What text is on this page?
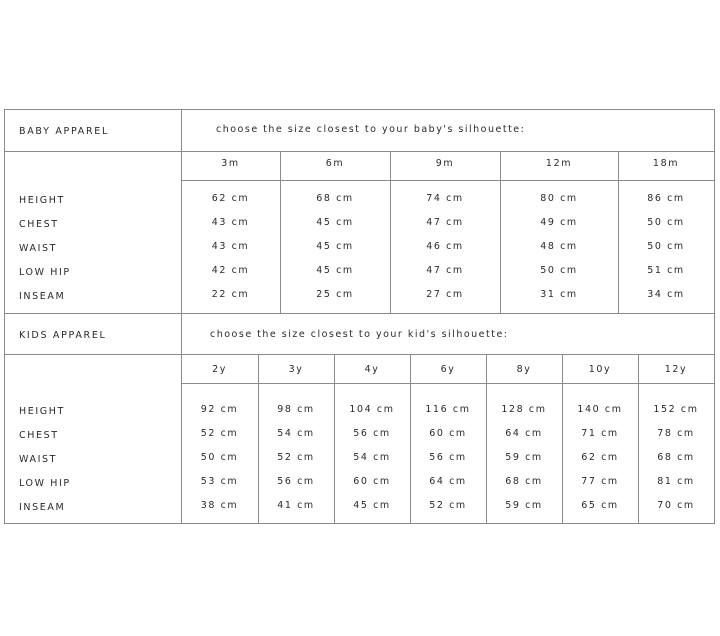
BABY APPAREL	choose the size closest to your baby's silhouette:
KIDS APPAREL	choose the size closest to your kid's silhouette:
HEIGHT
CHEST
WAIST
LOW HIP
INSEAM
HEIGHT
CHEST
WAIST
LOW HIP
INSEAM
3m
62 cm
43 cm
43 cm
42 cm
22 cm
6m
68 cm
45 cm
45 cm
45 cm
25 cm
9m
74 cm
47 cm
46 cm
47 cm
27 cm
12m
80 cm
49 cm
48 cm
50 cm
31 cm
18m
86 cm
50 cm
50 cm
51 cm
34 cm
2y
92 cm
52 cm
50 cm
53 cm
38 cm
3y
98 cm
54 cm
52 cm
56 cm
41 cm
4y
104 cm
56 cm
54 cm
60 cm
45 cm
6y
116 cm
60 cm
56 cm
64 cm
52 cm
8y
128 cm
64 cm
59 cm
68 cm
59 cm
10y
140 cm
71 cm
62 cm
77 cm
65 cm
12y
152 cm
78 cm
68 cm
81 cm
70 cm
